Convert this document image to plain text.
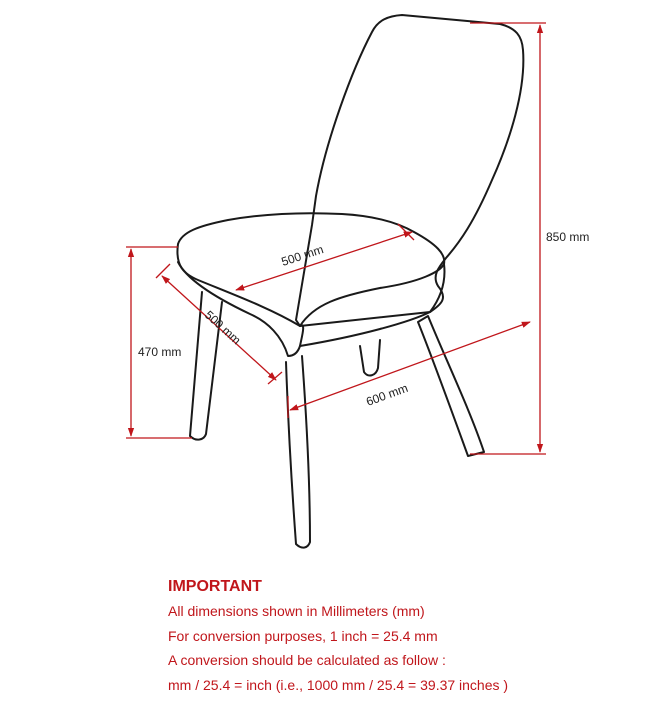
850 mm
470 mm
500 mm
500 mm
600 mm
IMPORTANT
All dimensions shown in Millimeters (mm)
For conversion purposes, 1 inch = 25.4 mm
A conversion should be calculated as follow :
mm / 25.4 = inch (i.e., 1000 mm / 25.4 = 39.37 inches )
